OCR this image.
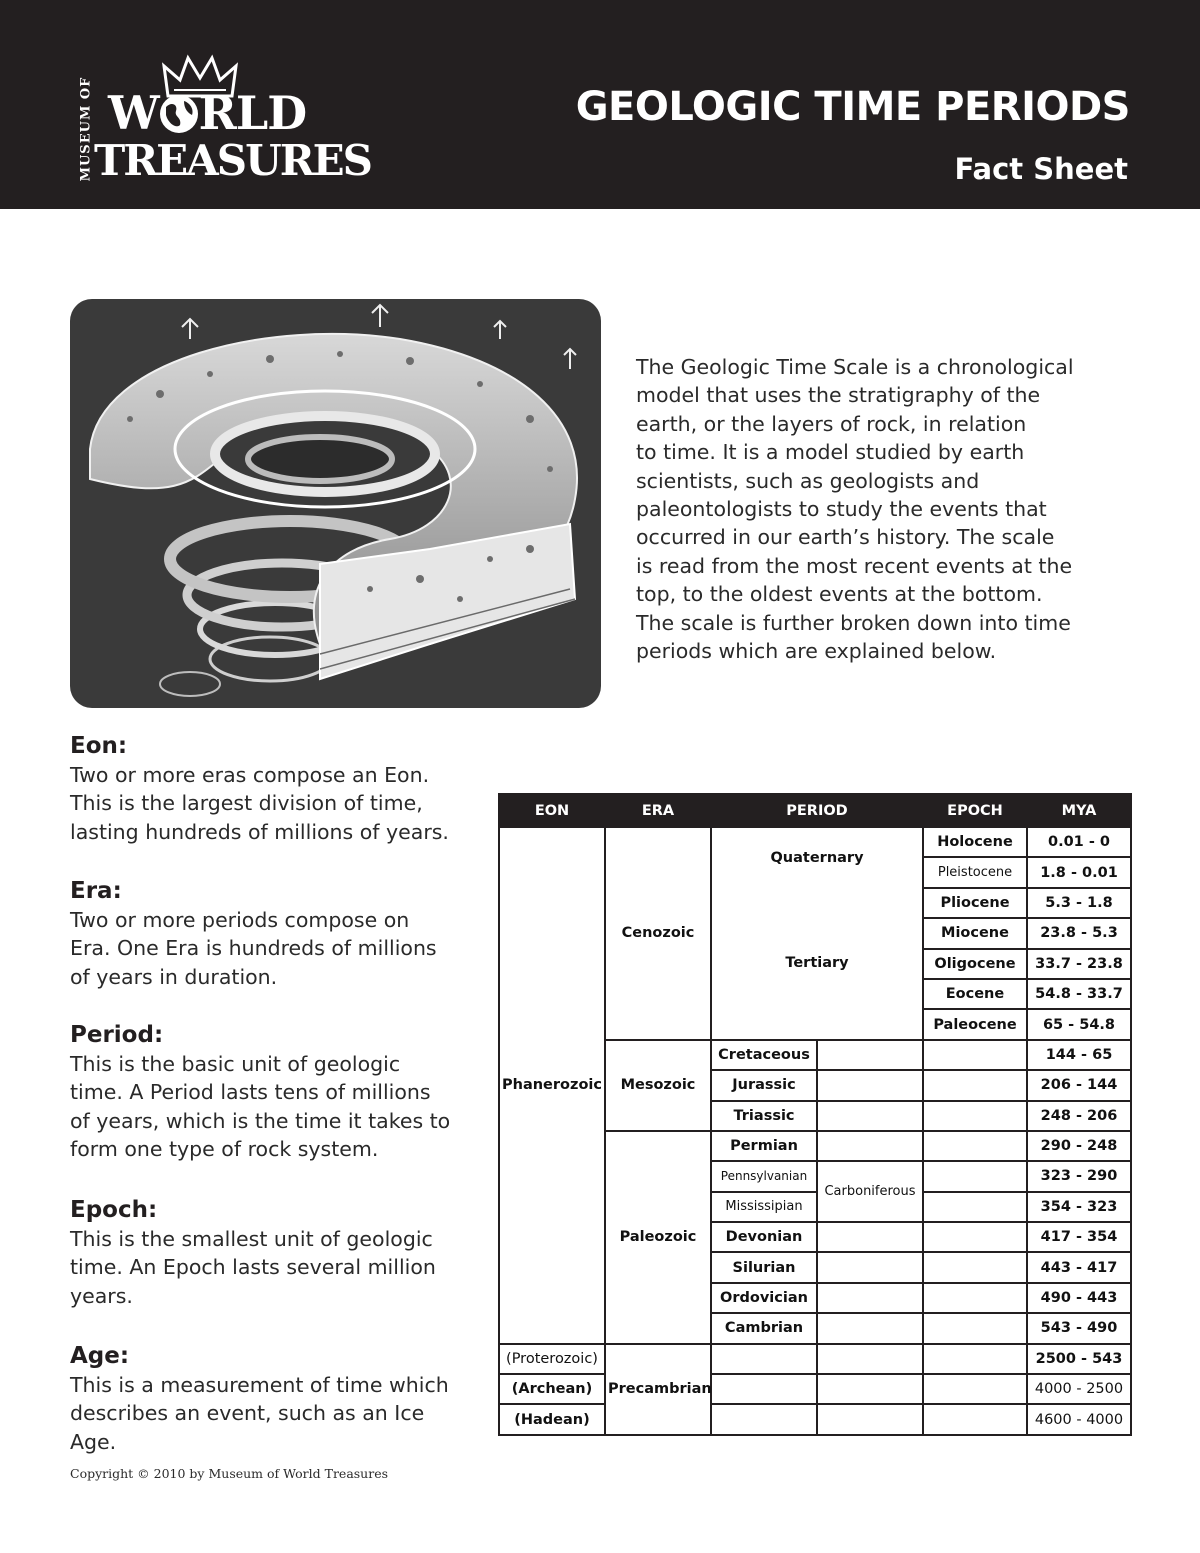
MUSEUM OF W RLD
TREASURES
GEOLOGIC TIME PERIODS
Fact Sheet
The Geologic Time Scale is a chronological
model that uses the stratigraphy of the
earth, or the layers of rock, in relation
to time. It is a model studied by earth
scientists, such as geologists and
paleontologists to study the events that
occurred in our earth’s history. The scale
is read from the most recent events at the
top, to the oldest events at the bottom.
The scale is further broken down into time
periods which are explained below.
Eon:

Two or more eras compose an Eon.
This is the largest division of time,
lasting hundreds of millions of years.

Era:

Two or more periods compose on
Era. One Era is hundreds of millions
of years in duration.

Period:

This is the basic unit of geologic
time. A Period lasts tens of millions
of years, which is the time it takes to
form one type of rock system.

Epoch:

This is the smallest unit of geologic
time. An Epoch lasts several million
years.

Age:

This is a measurement of time which
describes an event, such as an Ice
Age.

Copyright © 2010 by Museum of World Treasures
EON	ERA	PERIOD		EPOCH	MYA
Phanerozoic	Cenozoic	Quaternary		Holocene	0.01 - 0
				Pleistocene	1.8 - 0.01
		Tertiary		Pliocene	5.3 - 1.8
				Miocene	23.8 - 5.3
				Oligocene	33.7 - 23.8
				Eocene	54.8 - 33.7
				Paleocene	65 - 54.8
	Mesozoic	Cretaceous			144 - 65
		Jurassic			206 - 144
		Triassic			248 - 206
	Paleozoic	Permian			290 - 248
		Pennsylvanian	Carboniferous		323 - 290
		Mississipian			354 - 323
		Devonian			417 - 354
		Silurian			443 - 417
		Ordovician			490 - 443
		Cambrian			543 - 490
(Proterozoic)	Precambrian				2500 - 543
(Archean)					4000 - 2500
(Hadean)					4600 - 4000
